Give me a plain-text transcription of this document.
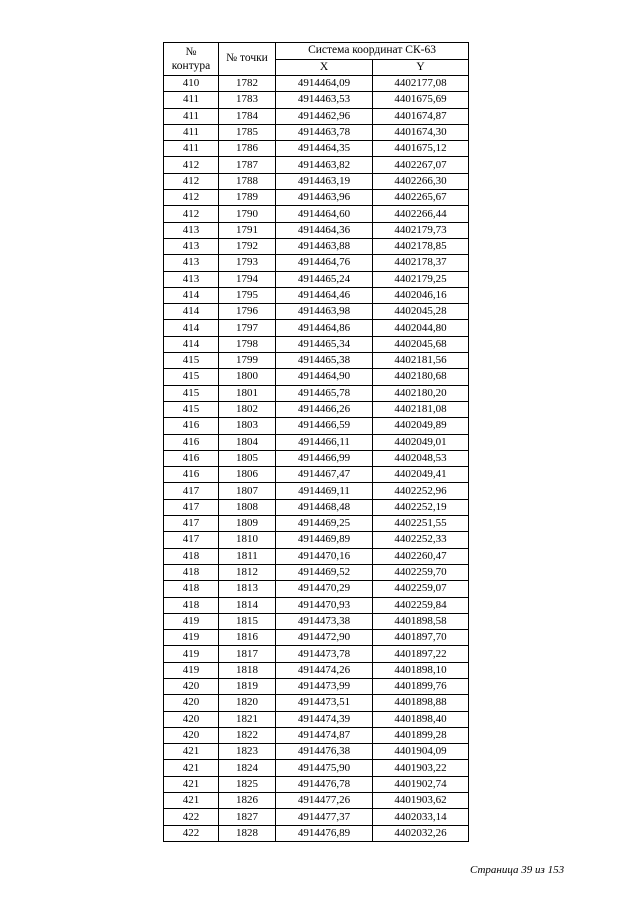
№
контура	№ точки	Система координат СК-63	
		X	Y
410	1782	4914464,09	4402177,08
411	1783	4914463,53	4401675,69
411	1784	4914462,96	4401674,87
411	1785	4914463,78	4401674,30
411	1786	4914464,35	4401675,12
412	1787	4914463,82	4402267,07
412	1788	4914463,19	4402266,30
412	1789	4914463,96	4402265,67
412	1790	4914464,60	4402266,44
413	1791	4914464,36	4402179,73
413	1792	4914463,88	4402178,85
413	1793	4914464,76	4402178,37
413	1794	4914465,24	4402179,25
414	1795	4914464,46	4402046,16
414	1796	4914463,98	4402045,28
414	1797	4914464,86	4402044,80
414	1798	4914465,34	4402045,68
415	1799	4914465,38	4402181,56
415	1800	4914464,90	4402180,68
415	1801	4914465,78	4402180,20
415	1802	4914466,26	4402181,08
416	1803	4914466,59	4402049,89
416	1804	4914466,11	4402049,01
416	1805	4914466,99	4402048,53
416	1806	4914467,47	4402049,41
417	1807	4914469,11	4402252,96
417	1808	4914468,48	4402252,19
417	1809	4914469,25	4402251,55
417	1810	4914469,89	4402252,33
418	1811	4914470,16	4402260,47
418	1812	4914469,52	4402259,70
418	1813	4914470,29	4402259,07
418	1814	4914470,93	4402259,84
419	1815	4914473,38	4401898,58
419	1816	4914472,90	4401897,70
419	1817	4914473,78	4401897,22
419	1818	4914474,26	4401898,10
420	1819	4914473,99	4401899,76
420	1820	4914473,51	4401898,88
420	1821	4914474,39	4401898,40
420	1822	4914474,87	4401899,28
421	1823	4914476,38	4401904,09
421	1824	4914475,90	4401903,22
421	1825	4914476,78	4401902,74
421	1826	4914477,26	4401903,62
422	1827	4914477,37	4402033,14
422	1828	4914476,89	4402032,26
Страница 39 из 153
